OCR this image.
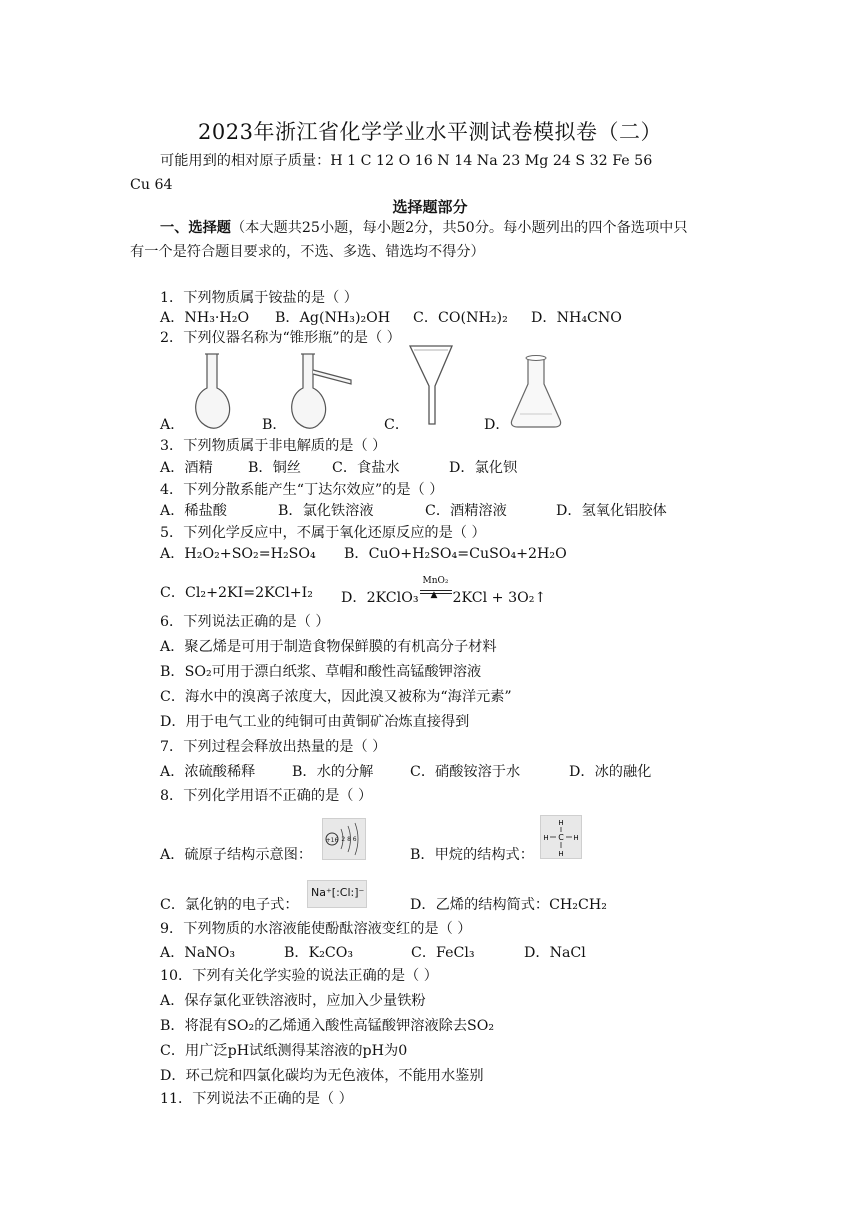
2023年浙江省化学学业水平测试卷模拟卷（二）
可能用到的相对原子质量：H 1 C 12 O 16 N 14 Na 23 Mg 24 S 32 Fe 56
Cu 64
选择题部分
一、选择题（本大题共25小题，每小题2分，共50分。每小题列出的四个备选项中只
有一个是符合题目要求的，不选、多选、错选均不得分）
1．下列物质属于铵盐的是（ ）
A．NH₃·H₂O B．Ag(NH₃)₂OH C．CO(NH₂)₂ D．NH₄CNO
2．下列仪器名称为“锥形瓶”的是（ ）
A．	B．	C．	D．
3．下列物质属于非电解质的是（ ）
A．酒精 B．铜丝 C．食盐水	D．氯化钡
4．下列分散系能产生“丁达尔效应”的是（ ）
A．稀盐酸	B．氯化铁溶液	C．酒精溶液	D．氢氧化铝胶体
5．下列化学反应中，不属于氧化还原反应的是（ ）
A．H₂O₂+SO₂=H₂SO₄ B．CuO+H₂SO₄=CuSO₄+2H₂O
C．Cl₂+2KI=2KCl+I₂ D．2KClO₃
MnO₂
▲ 2KCl + 3O₂↑
6．下列说法正确的是（ ）
A．聚乙烯是可用于制造食物保鲜膜的有机高分子材料
B．SO₂可用于漂白纸浆、草帽和酸性高锰酸钾溶液
C．海水中的溴离子浓度大，因此溴又被称为“海洋元素”
D．用于电气工业的纯铜可由黄铜矿冶炼直接得到
7．下列过程会释放出热量的是（ ）
A．浓硫酸稀释	B．水的分解	C．硝酸铵溶于水	D．冰的融化
8．下列化学用语不正确的是（ ）
A．硫原子结构示意图：
+16 2 8 6
B．甲烷的结构式：
C
H
H
H	H
C．氯化钠的电子式：
Na⁺[:Cl:]⁻
D．乙烯的结构简式：CH₂CH₂
9．下列物质的水溶液能使酚酞溶液变红的是（ ）
A．NaNO₃	B．K₂CO₃	C．FeCl₃	D．NaCl
10．下列有关化学实验的说法正确的是（ ）
A．保存氯化亚铁溶液时，应加入少量铁粉
B．将混有SO₂的乙烯通入酸性高锰酸钾溶液除去SO₂
C．用广泛pH试纸测得某溶液的pH为0
D．环己烷和四氯化碳均为无色液体，不能用水鉴别
11．下列说法不正确的是（ ）
